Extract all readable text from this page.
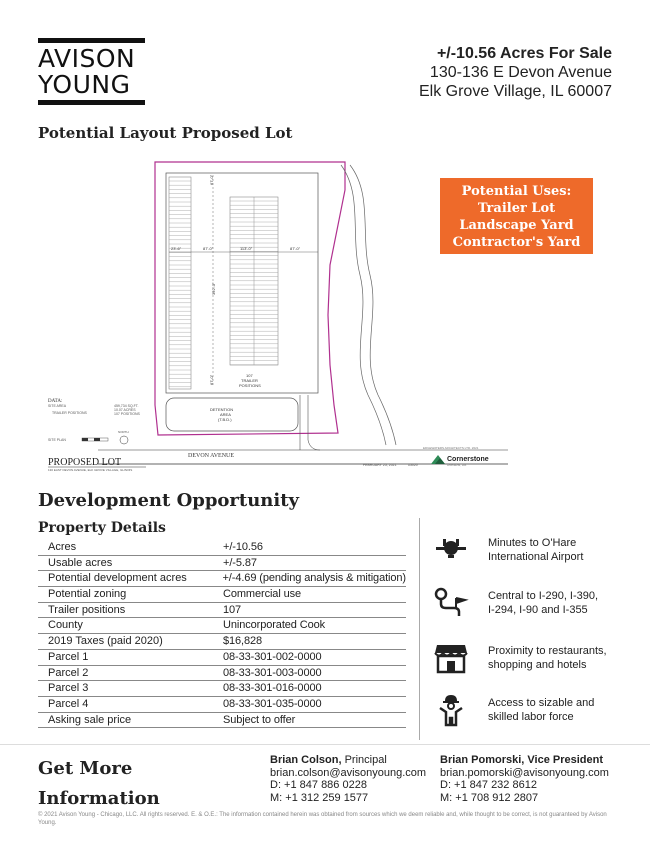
AVISON
YOUNG
+/-10.56 Acres For Sale
130-136 E Devon Avenue
Elk Grove Village, IL 60007
Potential Layout Proposed Lot
67'-0"
23'-6"	87'-0"	113'-0"	87'-0"
392'-0"
67'-0"	107
TRAILER
POSITIONS
DETENTION
AREA
(T.B.D.)
DEVON AVENUE
DATA:
SITE AREA	459,734 SQ.FT.
10.07 ACRES
TRAILER POSITIONS	107 POSITIONS
SITE PLAN
NORTH
PROPOSED LOT
130 EAST DEVON AVENUE, ELK GROVE VILLAGE, ILLINOIS
FEBRUARY 25, 2021	#3020
EDGEWATERS ARCHITECTS LTD. 2021
Cornerstone
Architects, Ltd.
Potential Uses:
Trailer Lot
Landscape Yard
Contractor's Yard
Development Opportunity
Property Details
Acres	+/-10.56
Usable acres	+/-5.87
Potential development acres	+/-4.69 (pending analysis & mitigation)
Potential zoning	Commercial use
Trailer positions	107
County	Unincorporated Cook
2019 Taxes (paid 2020)	$16,828
Parcel 1	08-33-301-002-0000
Parcel 2	08-33-301-003-0000
Parcel 3	08-33-301-016-0000
Parcel 4	08-33-301-035-0000
Asking sale price	Subject to offer
Minutes to O'Hare
International Airport
Central to I-290, I-390,
I-294, I-90 and I-355
Proximity to restaurants,
shopping and hotels
Access to sizable and
skilled labor force
Get More
Information
Brian Colson, Principal
brian.colson@avisonyoung.com
D: +1 847 886 0228
M: +1 312 259 1577
Brian Pomorski, Vice President
brian.pomorski@avisonyoung.com
D: +1 847 232 8612
M: +1 708 912 2807
© 2021 Avison Young - Chicago, LLC. All rights reserved. E. & O.E.: The information contained herein was obtained from sources which we deem reliable and, while thought to be correct, is not guaranteed by Avison Young.
